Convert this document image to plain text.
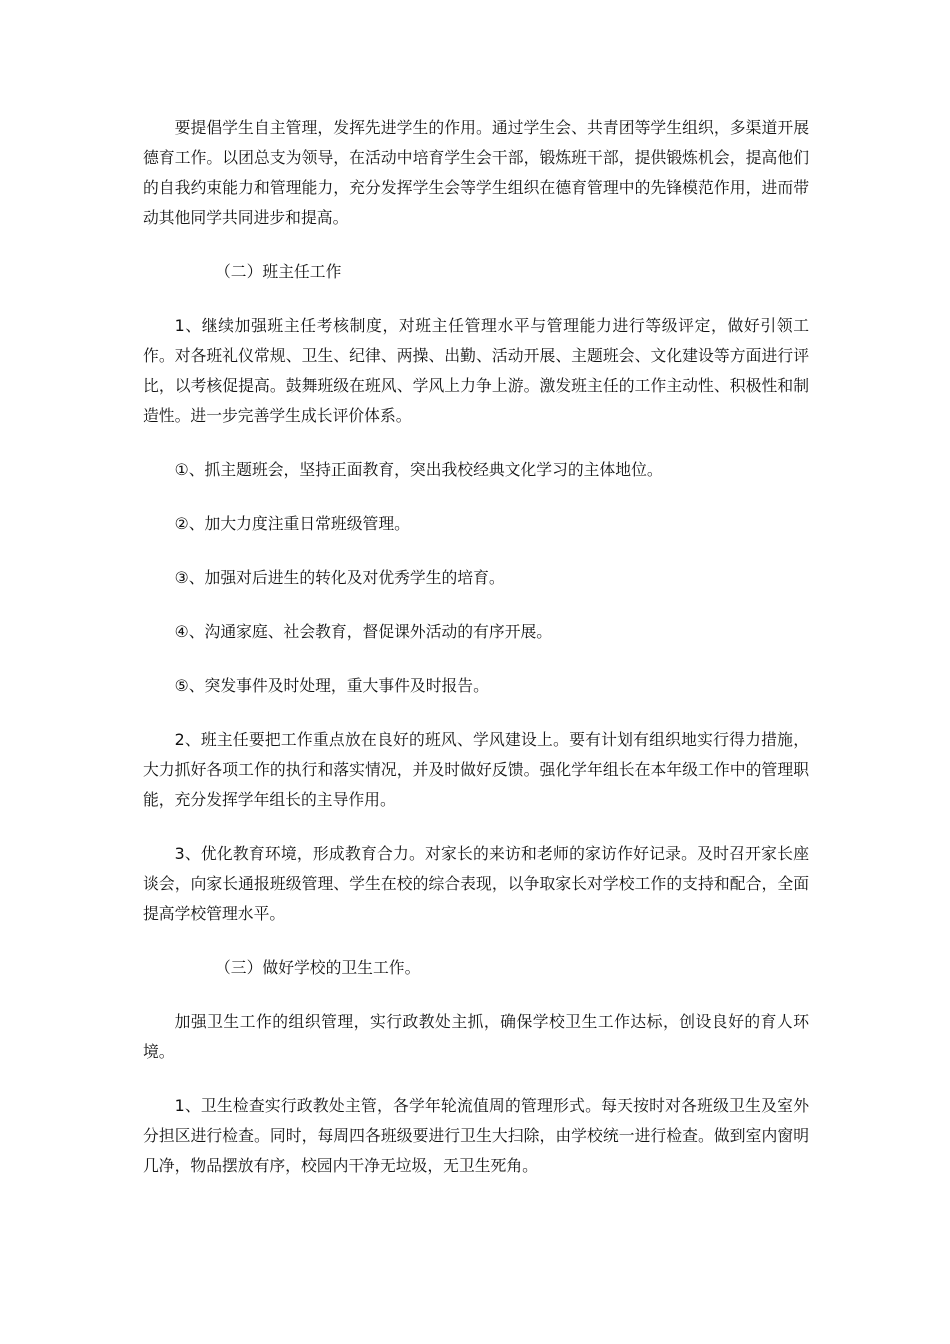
要提倡学生自主管理，发挥先进学生的作用。通过学生会、共青团等学生组织，多渠道开展德育工作。以团总支为领导，在活动中培育学生会干部，锻炼班干部，提供锻炼机会，提高他们的自我约束能力和管理能力，充分发挥学生会等学生组织在德育管理中的先锋模范作用，进而带动其他同学共同进步和提高。

（二）班主任工作

1、继续加强班主任考核制度，对班主任管理水平与管理能力进行等级评定，做好引领工作。对各班礼仪常规、卫生、纪律、两操、出勤、活动开展、主题班会、文化建设等方面进行评比，以考核促提高。鼓舞班级在班风、学风上力争上游。激发班主任的工作主动性、积极性和制造性。进一步完善学生成长评价体系。

①、抓主题班会，坚持正面教育，突出我校经典文化学习的主体地位。

②、加大力度注重日常班级管理。

③、加强对后进生的转化及对优秀学生的培育。

④、沟通家庭、社会教育，督促课外活动的有序开展。

⑤、突发事件及时处理，重大事件及时报告。

2、班主任要把工作重点放在良好的班风、学风建设上。要有计划有组织地实行得力措施，大力抓好各项工作的执行和落实情况，并及时做好反馈。强化学年组长在本年级工作中的管理职能，充分发挥学年组长的主导作用。

3、优化教育环境，形成教育合力。对家长的来访和老师的家访作好记录。及时召开家长座谈会，向家长通报班级管理、学生在校的综合表现，以争取家长对学校工作的支持和配合，全面提高学校管理水平。

（三）做好学校的卫生工作。

加强卫生工作的组织管理，实行政教处主抓，确保学校卫生工作达标，创设良好的育人环境。

1、卫生检查实行政教处主管，各学年轮流值周的管理形式。每天按时对各班级卫生及室外分担区进行检查。同时，每周四各班级要进行卫生大扫除，由学校统一进行检查。做到室内窗明几净，物品摆放有序，校园内干净无垃圾，无卫生死角。
